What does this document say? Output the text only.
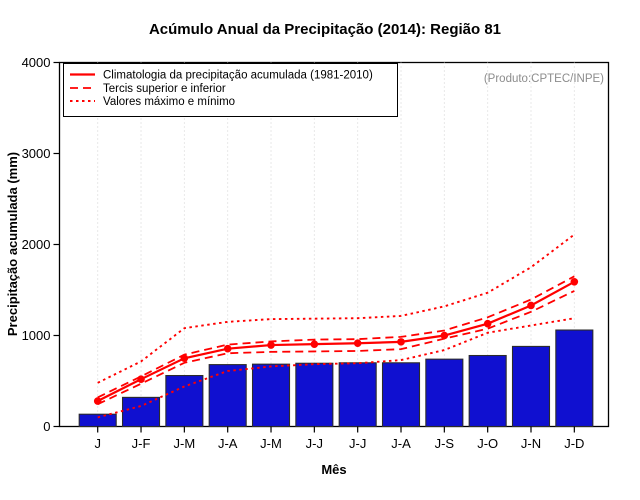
Acúmulo Anual da Precipitação (2014): Região 81
0
1000
2000
3000
4000
J J-F J-M J-A J-M J-J J-J J-A J-S J-O J-N J-D
Precipitação acumulada (mm)
Mês
Climatologia da precipitação acumulada (1981-2010)
Tercis superior e inferior
Valores máximo e mínimo
(Produto:CPTEC/INPE)
